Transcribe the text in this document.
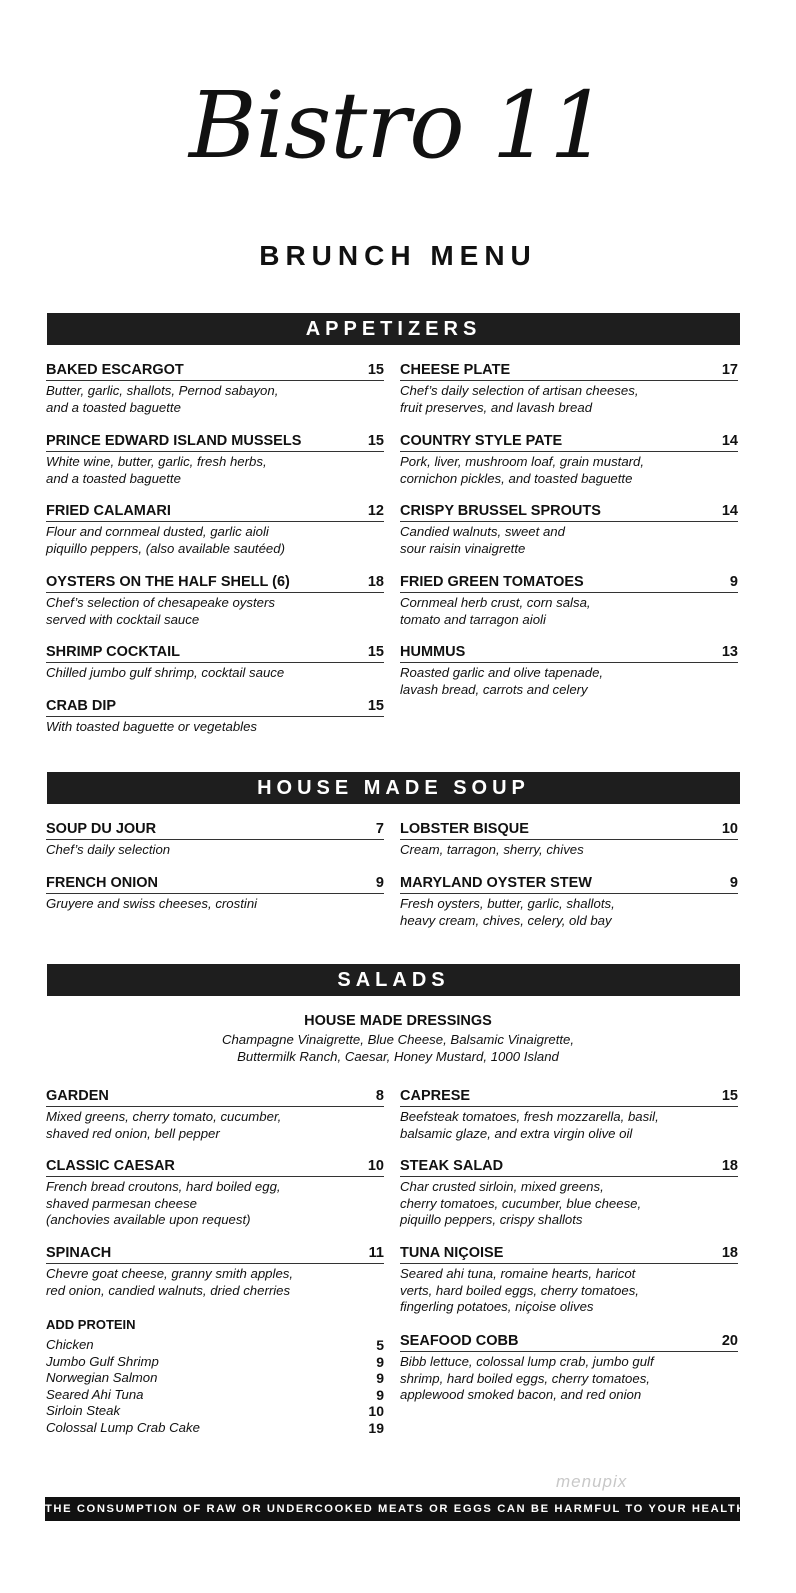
Bistro 11
BRUNCH MENU
APPETIZERS
BAKED ESCARGOT	15
Butter, garlic, shallots, Pernod sabayon,
and a toasted baguette
PRINCE EDWARD ISLAND MUSSELS	15
White wine, butter, garlic, fresh herbs,
and a toasted baguette
FRIED CALAMARI	12
Flour and cornmeal dusted, garlic aioli
piquillo peppers, (also available sautéed)
OYSTERS ON THE HALF SHELL (6)	18
Chef’s selection of chesapeake oysters
served with cocktail sauce
SHRIMP COCKTAIL	15
Chilled jumbo gulf shrimp, cocktail sauce
CRAB DIP	15
With toasted baguette or vegetables
CHEESE PLATE	17
Chef’s daily selection of artisan cheeses,
fruit preserves, and lavash bread
COUNTRY STYLE PATE	14
Pork, liver, mushroom loaf, grain mustard,
cornichon pickles, and toasted baguette
CRISPY BRUSSEL SPROUTS	14
Candied walnuts, sweet and
sour raisin vinaigrette
FRIED GREEN TOMATOES	9
Cornmeal herb crust, corn salsa,
tomato and tarragon aioli
HUMMUS	13
Roasted garlic and olive tapenade,
lavash bread, carrots and celery
HOUSE MADE SOUP
SOUP DU JOUR	7
Chef’s daily selection
FRENCH ONION	9
Gruyere and swiss cheeses, crostini
LOBSTER BISQUE	10
Cream, tarragon, sherry, chives
MARYLAND OYSTER STEW	9
Fresh oysters, butter, garlic, shallots,
heavy cream, chives, celery, old bay
SALADS
HOUSE MADE DRESSINGS
Champagne Vinaigrette, Blue Cheese, Balsamic Vinaigrette,
Buttermilk Ranch, Caesar, Honey Mustard, 1000 Island
GARDEN	8
Mixed greens, cherry tomato, cucumber,
shaved red onion, bell pepper
CLASSIC CAESAR	10
French bread croutons, hard boiled egg,
shaved parmesan cheese
(anchovies available upon request)
SPINACH	11
Chevre goat cheese, granny smith apples,
red onion, candied walnuts, dried cherries
ADD PROTEIN
Chicken	5
Jumbo Gulf Shrimp	9
Norwegian Salmon	9
Seared Ahi Tuna	9
Sirloin Steak	10
Colossal Lump Crab Cake	19
CAPRESE	15
Beefsteak tomatoes, fresh mozzarella, basil,
balsamic glaze, and extra virgin olive oil
STEAK SALAD	18
Char crusted sirloin, mixed greens,
cherry tomatoes, cucumber, blue cheese,
piquillo peppers, crispy shallots
TUNA NIÇOISE	18
Seared ahi tuna, romaine hearts, haricot
verts, hard boiled eggs, cherry tomatoes,
fingerling potatoes, niçoise olives
SEAFOOD COBB	20
Bibb lettuce, colossal lump crab, jumbo gulf
shrimp, hard boiled eggs, cherry tomatoes,
applewood smoked bacon, and red onion
menupix
THE CONSUMPTION OF RAW OR UNDERCOOKED MEATS OR EGGS CAN BE HARMFUL TO YOUR HEALTH.
